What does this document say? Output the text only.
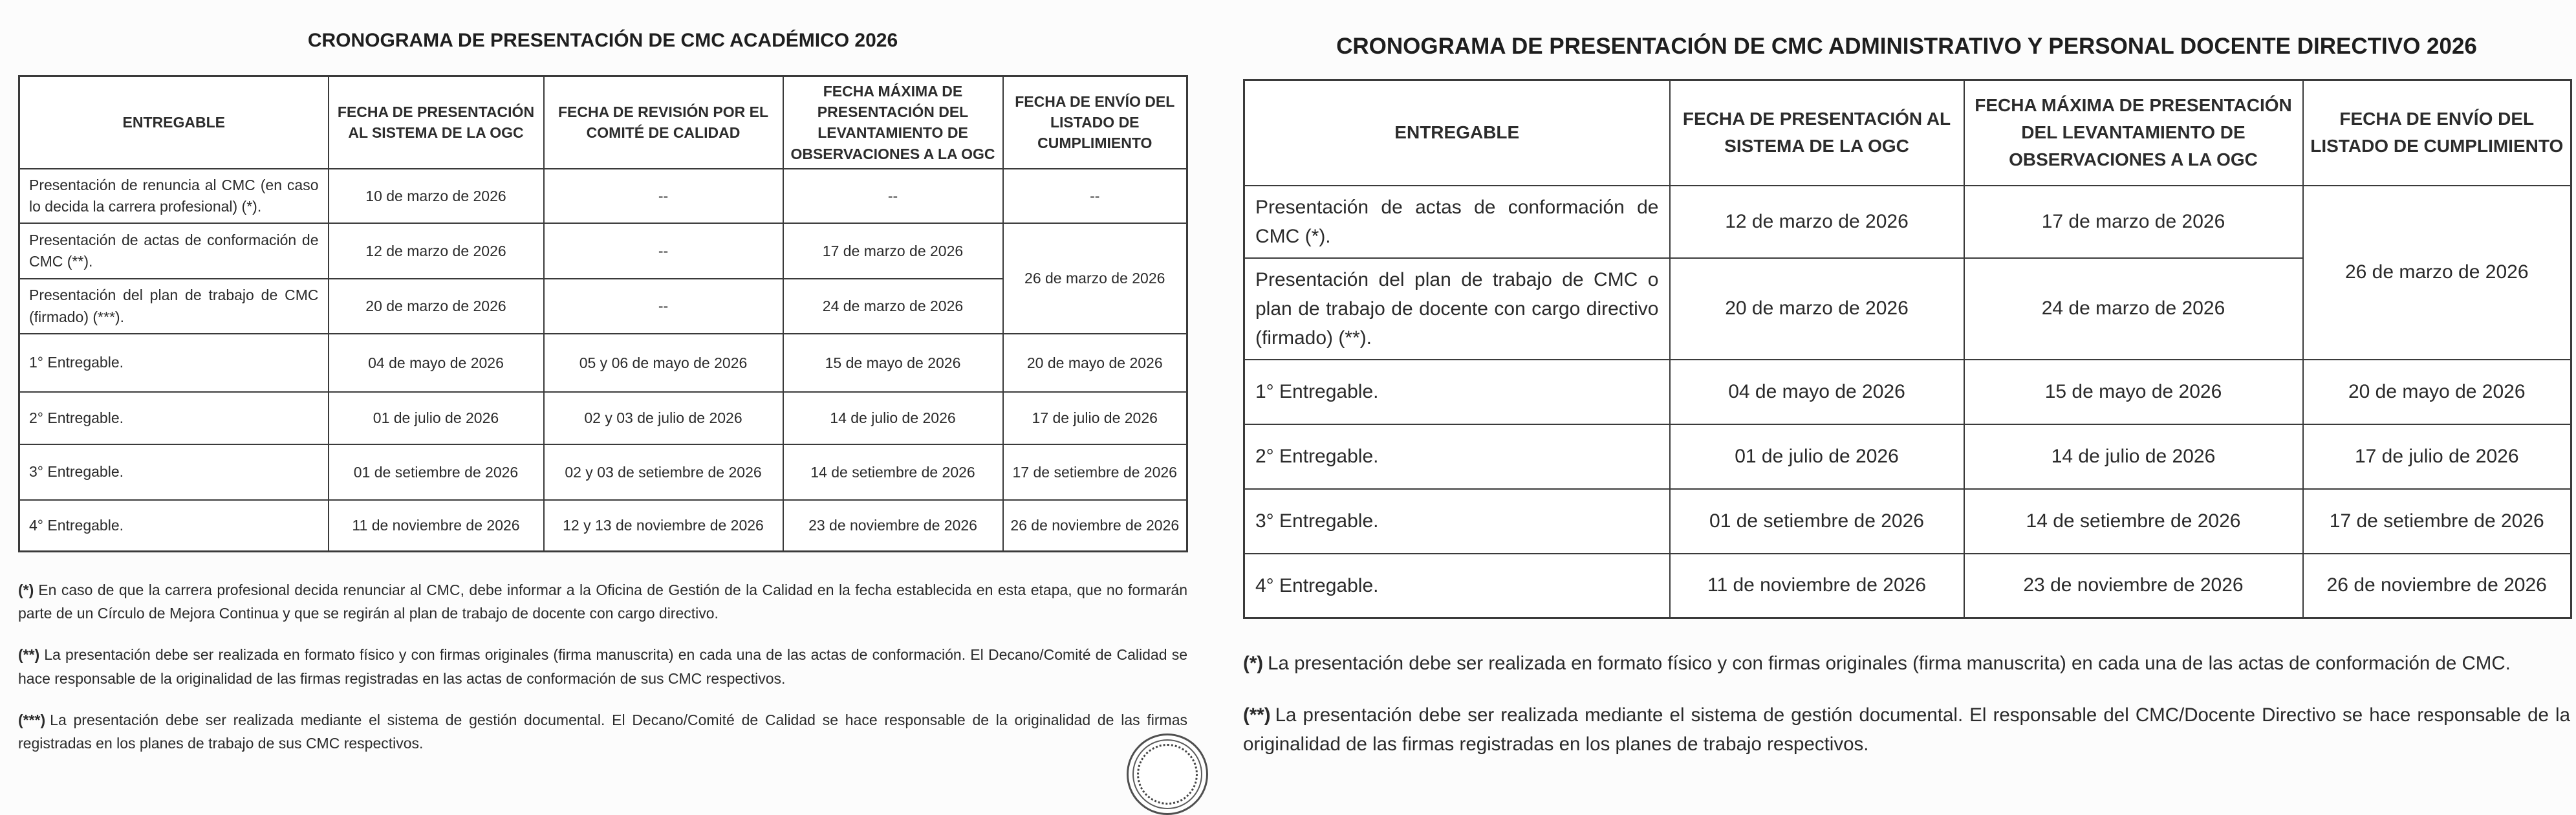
CRONOGRAMA DE PRESENTACIÓN DE CMC ACADÉMICO 2026
ENTREGABLE	FECHA DE PRESENTACIÓN AL SISTEMA DE LA OGC	FECHA DE REVISIÓN POR EL COMITÉ DE CALIDAD	FECHA MÁXIMA DE PRESENTACIÓN DEL LEVANTAMIENTO DE OBSERVACIONES A LA OGC	FECHA DE ENVÍO DEL LISTADO DE CUMPLIMIENTO
Presentación de renuncia al CMC (en caso lo decida la carrera profesional) (*).	10 de marzo de 2026	--	--	--
Presentación de actas de conformación de CMC (**).	12 de marzo de 2026	--	17 de marzo de 2026	26 de marzo de 2026
Presentación del plan de trabajo de CMC (firmado) (***).	20 de marzo de 2026	--	24 de marzo de 2026	
1° Entregable.	04 de mayo de 2026	05 y 06 de mayo de 2026	15 de mayo de 2026	20 de mayo de 2026
2° Entregable.	01 de julio de 2026	02 y 03 de julio de 2026	14 de julio de 2026	17 de julio de 2026
3° Entregable.	01 de setiembre de 2026	02 y 03 de setiembre de 2026	14 de setiembre de 2026	17 de setiembre de 2026
4° Entregable.	11 de noviembre de 2026	12 y 13 de noviembre de 2026	23 de noviembre de 2026	26 de noviembre de 2026

(*) En caso de que la carrera profesional decida renunciar al CMC, debe informar a la Oficina de Gestión de la Calidad en la fecha establecida en esta etapa, que no formarán parte de un Círculo de Mejora Continua y que se regirán al plan de trabajo de docente con cargo directivo.

(**) La presentación debe ser realizada en formato físico y con firmas originales (firma manuscrita) en cada una de las actas de conformación. El Decano/Comité de Calidad se hace responsable de la originalidad de las firmas registradas en las actas de conformación de sus CMC respectivos.

(***) La presentación debe ser realizada mediante el sistema de gestión documental. El Decano/Comité de Calidad se hace responsable de la originalidad de las firmas registradas en los planes de trabajo de sus CMC respectivos.

CRONOGRAMA DE PRESENTACIÓN DE CMC ADMINISTRATIVO Y PERSONAL DOCENTE DIRECTIVO 2026
ENTREGABLE	FECHA DE PRESENTACIÓN AL SISTEMA DE LA OGC	FECHA MÁXIMA DE PRESENTACIÓN DEL LEVANTAMIENTO DE OBSERVACIONES A LA OGC	FECHA DE ENVÍO DEL LISTADO DE CUMPLIMIENTO
Presentación de actas de conformación de CMC (*).	12 de marzo de 2026	17 de marzo de 2026	26 de marzo de 2026
Presentación del plan de trabajo de CMC o plan de trabajo de docente con cargo directivo (firmado) (**).	20 de marzo de 2026	24 de marzo de 2026	
1° Entregable.	04 de mayo de 2026	15 de mayo de 2026	20 de mayo de 2026
2° Entregable.	01 de julio de 2026	14 de julio de 2026	17 de julio de 2026
3° Entregable.	01 de setiembre de 2026	14 de setiembre de 2026	17 de setiembre de 2026
4° Entregable.	11 de noviembre de 2026	23 de noviembre de 2026	26 de noviembre de 2026

(*) La presentación debe ser realizada en formato físico y con firmas originales (firma manuscrita) en cada una de las actas de conformación de CMC.

(**) La presentación debe ser realizada mediante el sistema de gestión documental. El responsable del CMC/Docente Directivo se hace responsable de la originalidad de las firmas registradas en los planes de trabajo respectivos.
